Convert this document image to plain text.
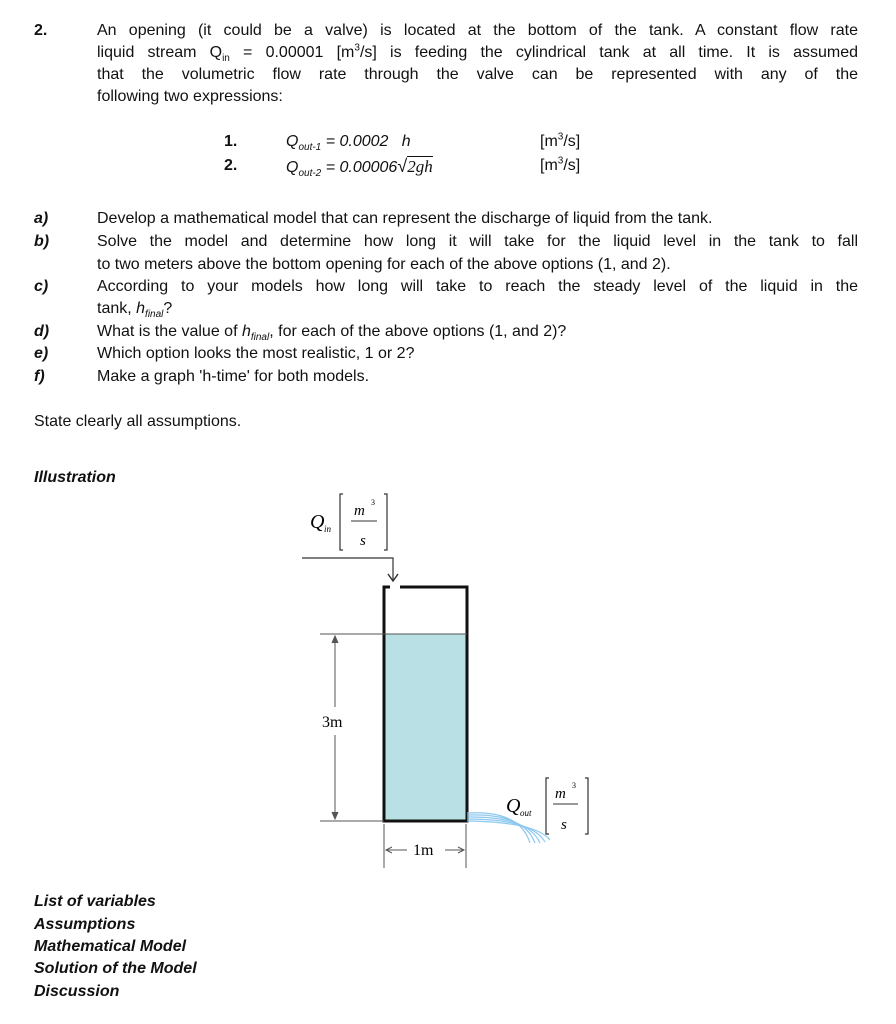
2.	An opening (it could be a valve) is located at the bottom of the tank. A constant flow rate
liquid stream $Q_{in} = 0.00001$ $[m^3/s]$ is feeding the cylindrical tank at all time. It is assumed
that the volumetric flow rate through the valve can be represented with any of the
following two expressions:
1.	$Q_{out-1} = 0.0002$   h	$[m^3/s]$
2.	$Q_{out-2} = 0.00006√2gh$	$[m^3/s]$
a)	Develop a mathematical model that can represent the discharge of liquid from the tank.
b)	Solve the model and determine how long it will take for the liquid level in the tank to fall
to two meters above the bottom opening for each of the above options (1, and 2).
c)	According to your models how long will take to reach the steady level of the liquid in the
tank, $h_{final}$?
d)	What is the value of $h_{final}$, for each of the above options (1, and 2)?
e)	Which option looks the most realistic, 1 or 2?
f)	Make a graph 'h-time' for both models.
State clearly all assumptions.
Illustration
Q in
m
3
s
3m
1m
Q out
m
3
s
List of variables
Assumptions
Mathematical Model
Solution of the Model
Discussion
